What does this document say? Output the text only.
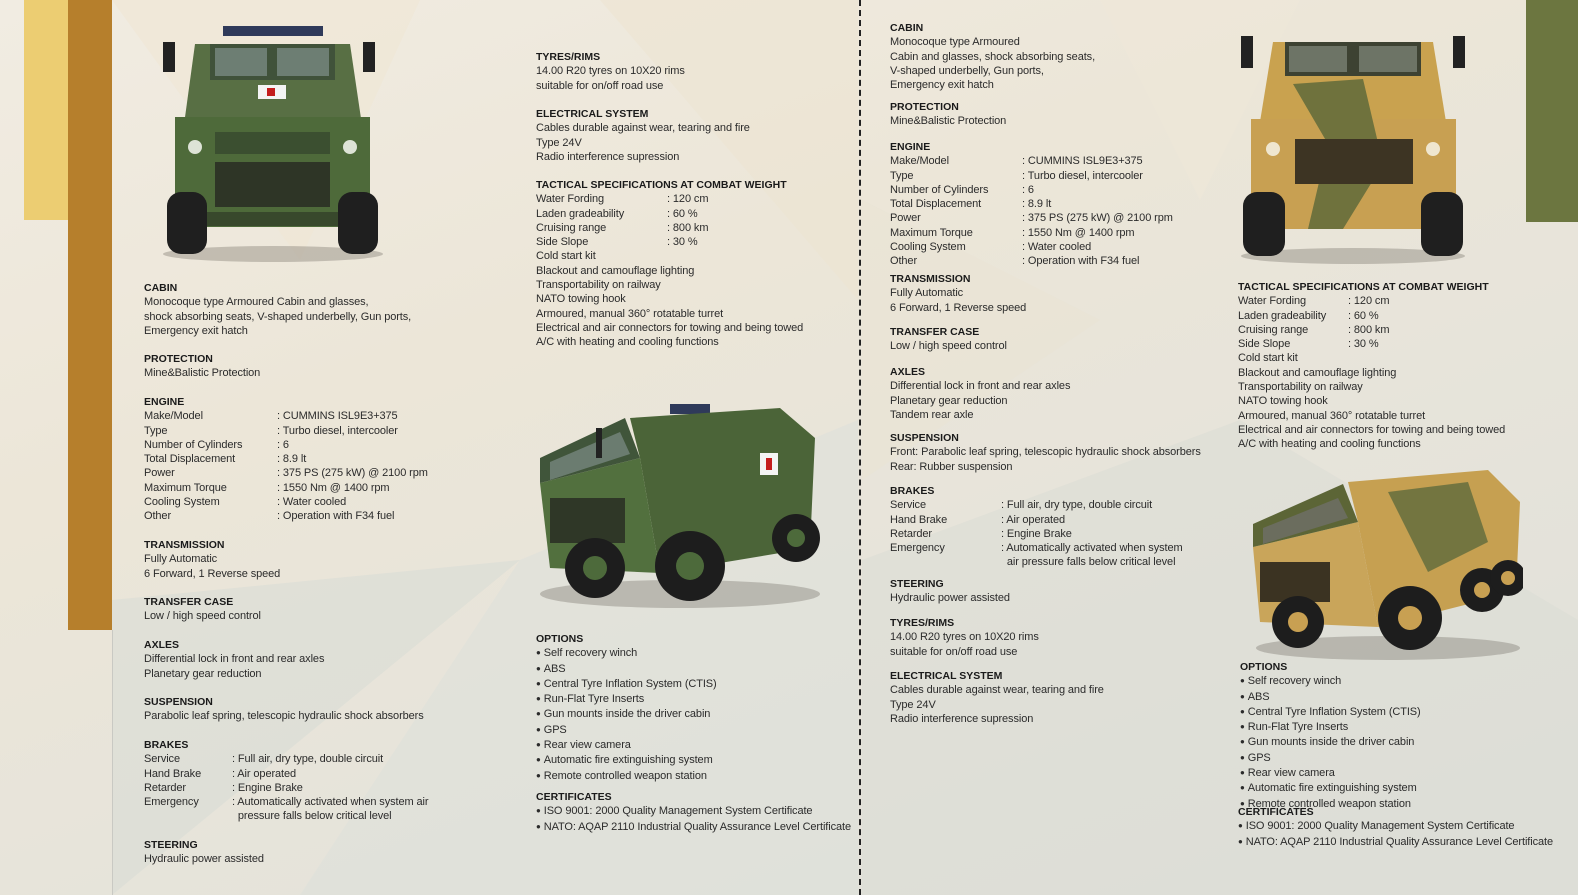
CABIN
Monocoque type Armoured Cabin and glasses,
shock absorbing seats, V-shaped underbelly, Gun ports,
Emergency exit hatch
PROTECTION
Mine&Balistic Protection
ENGINE
Make/Model	: CUMMINS ISL9E3+375
Type	: Turbo diesel, intercooler
Number of Cylinders	: 6
Total Displacement	: 8.9 lt
Power	: 375 PS (275 kW) @ 2100 rpm
Maximum Torque	: 1550 Nm @ 1400 rpm
Cooling System	: Water cooled
Other	: Operation with F34 fuel
TRANSMISSION
Fully Automatic
6 Forward, 1 Reverse speed
TRANSFER CASE
Low / high speed control
AXLES
Differential lock in front and rear axles
Planetary gear reduction
SUSPENSION
Parabolic leaf spring, telescopic hydraulic shock absorbers
BRAKES
Service	: Full air, dry type, double circuit
Hand Brake	: Air operated
Retarder	: Engine Brake
Emergency	: Automatically activated when system air
pressure falls below critical level
STEERING
Hydraulic power assisted
TYRES/RIMS
14.00 R20 tyres on 10X20 rims
suitable for on/off road use
ELECTRICAL SYSTEM
Cables durable against wear, tearing and fire
Type 24V
Radio interference supression
TACTICAL SPECIFICATIONS AT COMBAT WEIGHT
Water Fording	: 120 cm
Laden gradeability	: 60 %
Cruising range	: 800 km
Side Slope	: 30 %
Cold start kit
Blackout and camouflage lighting
Transportability on railway
NATO towing hook
Armoured, manual 360° rotatable turret
Electrical and air connectors for towing and being towed
A/C with heating and cooling functions
OPTIONS
● Self recovery winch
● ABS
● Central Tyre Inflation System (CTIS)
● Run-Flat Tyre Inserts
● Gun mounts inside the driver cabin
● GPS
● Rear view camera
● Automatic fire extinguishing system
● Remote controlled weapon station
CERTIFICATES
● ISO 9001: 2000 Quality Management System Certificate
● NATO: AQAP 2110 Industrial Quality Assurance Level Certificate
CABIN
Monocoque type Armoured
Cabin and glasses, shock absorbing seats,
V-shaped underbelly, Gun ports,
Emergency exit hatch
PROTECTION
Mine&Balistic Protection
ENGINE
Make/Model	: CUMMINS ISL9E3+375
Type	: Turbo diesel, intercooler
Number of Cylinders	: 6
Total Displacement	: 8.9 lt
Power	: 375 PS (275 kW) @ 2100 rpm
Maximum Torque	: 1550 Nm @ 1400 rpm
Cooling System	: Water cooled
Other	: Operation with F34 fuel
TRANSMISSION
Fully Automatic
6 Forward, 1 Reverse speed
TRANSFER CASE
Low / high speed control
AXLES
Differential lock in front and rear axles
Planetary gear reduction
Tandem rear axle
SUSPENSION
Front: Parabolic leaf spring, telescopic hydraulic shock absorbers
Rear: Rubber suspension
BRAKES
Service	: Full air, dry type, double circuit
Hand Brake	: Air operated
Retarder	: Engine Brake
Emergency	: Automatically activated when system
air pressure falls below critical level
STEERING
Hydraulic power assisted
TYRES/RIMS
14.00 R20 tyres on 10X20 rims
suitable for on/off road use
ELECTRICAL SYSTEM
Cables durable against wear, tearing and fire
Type 24V
Radio interference supression
TACTICAL SPECIFICATIONS AT COMBAT WEIGHT
Water Fording	: 120 cm
Laden gradeability	: 60 %
Cruising range	: 800 km
Side Slope	: 30 %
Cold start kit
Blackout and camouflage lighting
Transportability on railway
NATO towing hook
Armoured, manual 360° rotatable turret
Electrical and air connectors for towing and being towed
A/C with heating and cooling functions
OPTIONS
● Self recovery winch
● ABS
● Central Tyre Inflation System (CTIS)
● Run-Flat Tyre Inserts
● Gun mounts inside the driver cabin
● GPS
● Rear view camera
● Automatic fire extinguishing system
● Remote controlled weapon station
CERTIFICATES
● ISO 9001: 2000 Quality Management System Certificate
● NATO: AQAP 2110 Industrial Quality Assurance Level Certificate
